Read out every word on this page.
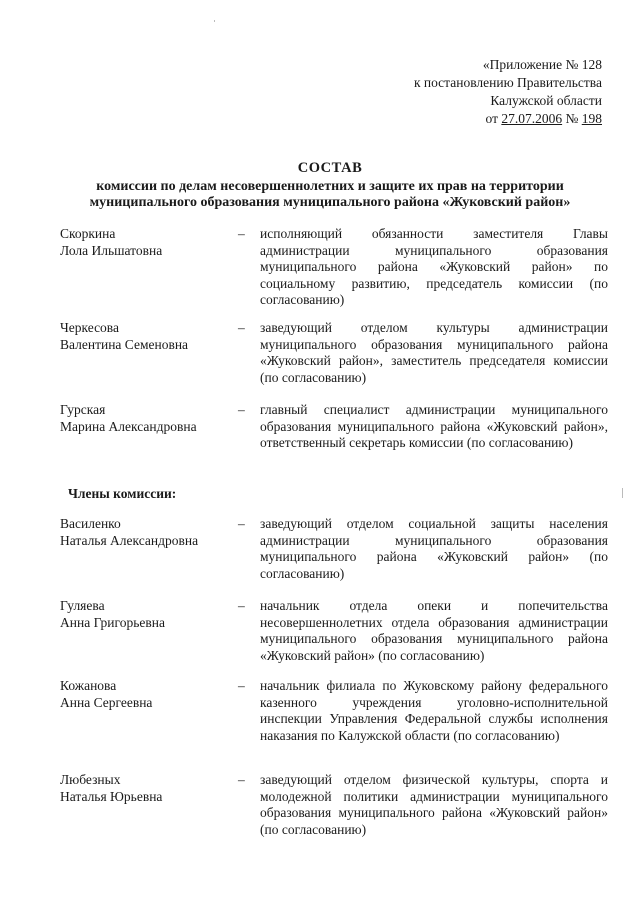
«Приложение № 128
к постановлению Правительства
Калужской области
от 27.07.2006 № 198
СОСТАВ
комиссии по делам несовершеннолетних и защите их прав на территории
муниципального образования муниципального района «Жуковский район»
Скоркина
Лола Ильшатовна
– исполняющий обязанности заместителя Главы администрации муниципального образования муниципального района «Жуковский район» по социальному развитию, председатель комиссии (по согласованию)
Черкесова
Валентина Семеновна
– заведующий отделом культуры администрации муниципального образования муниципального района «Жуковский район», заместитель председателя комиссии (по согласованию)
Гурская
Марина Александровна
– главный специалист администрации муниципального образования муниципального района «Жуковский район», ответственный секретарь комиссии (по согласованию)
Члены комиссии:
Василенко
Наталья Александровна
– заведующий отделом социальной защиты населения администрации муниципального образования муниципального района «Жуковский район» (по согласованию)
Гуляева
Анна Григорьевна
– начальник отдела опеки и попечительства несовершеннолетних отдела образования администрации муниципального образования муниципального района «Жуковский район» (по согласованию)
Кожанова
Анна Сергеевна
– начальник филиала по Жуковскому району федерального казенного учреждения уголовно-исполнительной инспекции Управления Федеральной службы исполнения наказания по Калужской области (по согласованию)
Любезных
Наталья Юрьевна
– заведующий отделом физической культуры, спорта и молодежной политики администрации муниципального образования муниципального района «Жуковский район» (по согласованию)
